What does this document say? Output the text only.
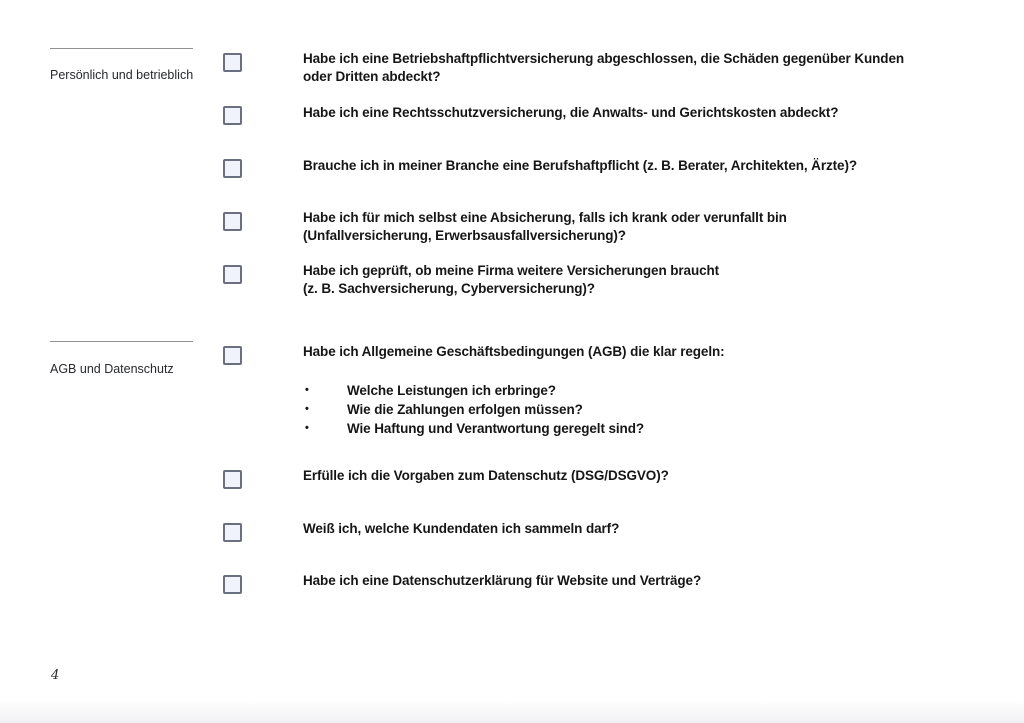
Persönlich und betrieblich
Habe ich eine Betriebshaftpflichtversicherung abgeschlossen, die Schäden gegenüber Kunden
oder Dritten abdeckt?
Habe ich eine Rechtsschutzversicherung, die Anwalts- und Gerichtskosten abdeckt?
Brauche ich in meiner Branche eine Berufshaftpflicht (z. B. Berater, Architekten, Ärzte)?
Habe ich für mich selbst eine Absicherung, falls ich krank oder verunfallt bin
(Unfallversicherung, Erwerbsausfallversicherung)?
Habe ich geprüft, ob meine Firma weitere Versicherungen braucht
(z. B. Sachversicherung, Cyberversicherung)?
AGB und Datenschutz
Habe ich Allgemeine Geschäftsbedingungen (AGB) die klar regeln:
•	Welche Leistungen ich erbringe?
•	Wie die Zahlungen erfolgen müssen?
•	Wie Haftung und Verantwortung geregelt sind?
Erfülle ich die Vorgaben zum Datenschutz (DSG/DSGVO)?
Weiß ich, welche Kundendaten ich sammeln darf?
Habe ich eine Datenschutzerklärung für Website und Verträge?
4
